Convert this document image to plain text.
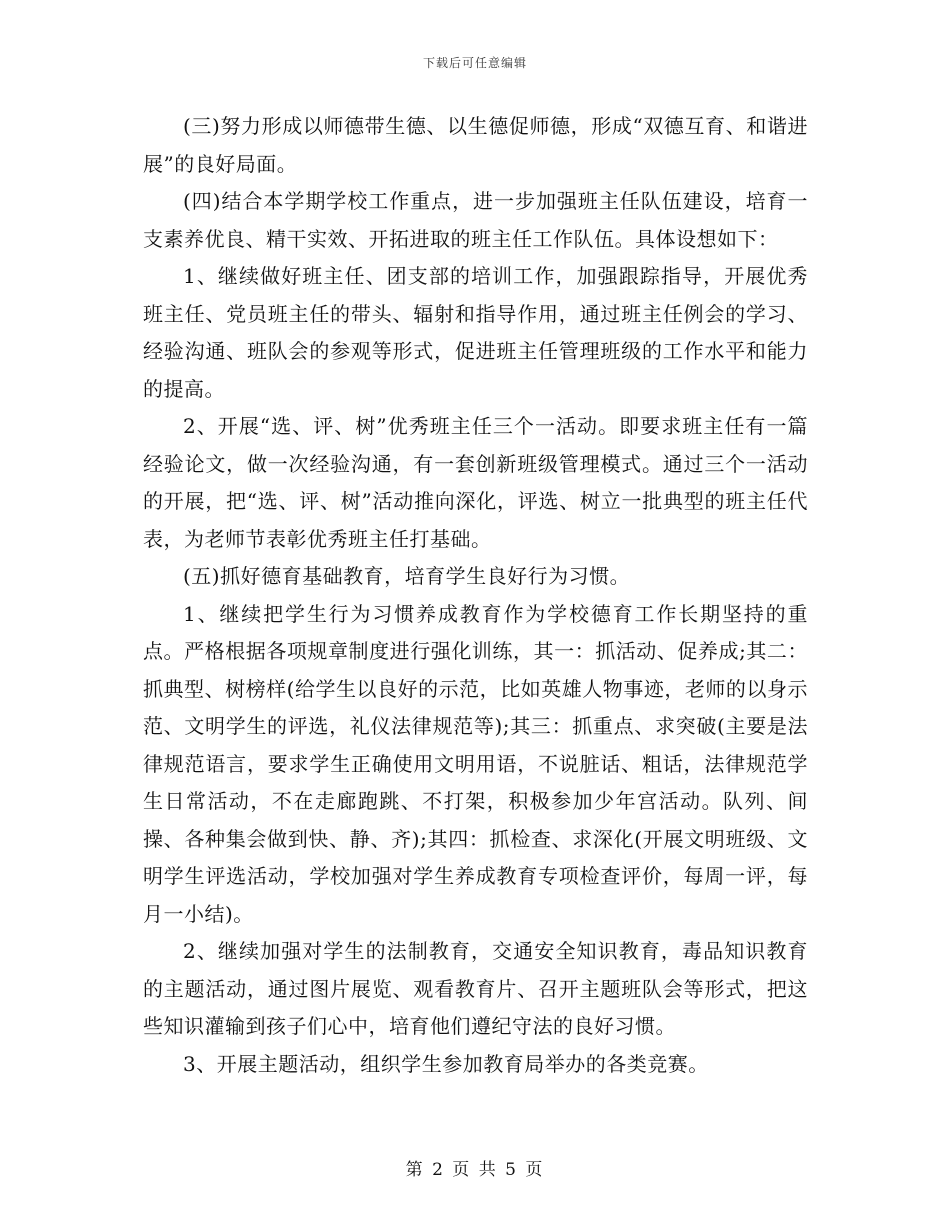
下载后可任意编辑

(三)努力形成以师德带生德、以生德促师德，形成“双德互育、和谐进展”的良好局面。

(四)结合本学期学校工作重点，进一步加强班主任队伍建设，培育一支素养优良、精干实效、开拓进取的班主任工作队伍。具体设想如下：

1、继续做好班主任、团支部的培训工作，加强跟踪指导，开展优秀班主任、党员班主任的带头、辐射和指导作用，通过班主任例会的学习、经验沟通、班队会的参观等形式，促进班主任管理班级的工作水平和能力的提高。

2、开展“选、评、树”优秀班主任三个一活动。即要求班主任有一篇经验论文，做一次经验沟通，有一套创新班级管理模式。通过三个一活动的开展，把“选、评、树”活动推向深化，评选、树立一批典型的班主任代表，为老师节表彰优秀班主任打基础。

(五)抓好德育基础教育，培育学生良好行为习惯。

1、继续把学生行为习惯养成教育作为学校德育工作长期坚持的重点。严格根据各项规章制度进行强化训练，其一：抓活动、促养成;其二：抓典型、树榜样(给学生以良好的示范，比如英雄人物事迹，老师的以身示范、文明学生的评选，礼仪法律规范等);其三：抓重点、求突破(主要是法律规范语言，要求学生正确使用文明用语，不说脏话、粗话，法律规范学生日常活动，不在走廊跑跳、不打架，积极参加少年宫活动。队列、间操、各种集会做到快、静、齐);其四：抓检查、求深化(开展文明班级、文明学生评选活动，学校加强对学生养成教育专项检查评价，每周一评，每月一小结)。

2、继续加强对学生的法制教育，交通安全知识教育，毒品知识教育的主题活动，通过图片展览、观看教育片、召开主题班队会等形式，把这些知识灌输到孩子们心中，培育他们遵纪守法的良好习惯。

3、开展主题活动，组织学生参加教育局举办的各类竞赛。

第 2 页 共 5 页
